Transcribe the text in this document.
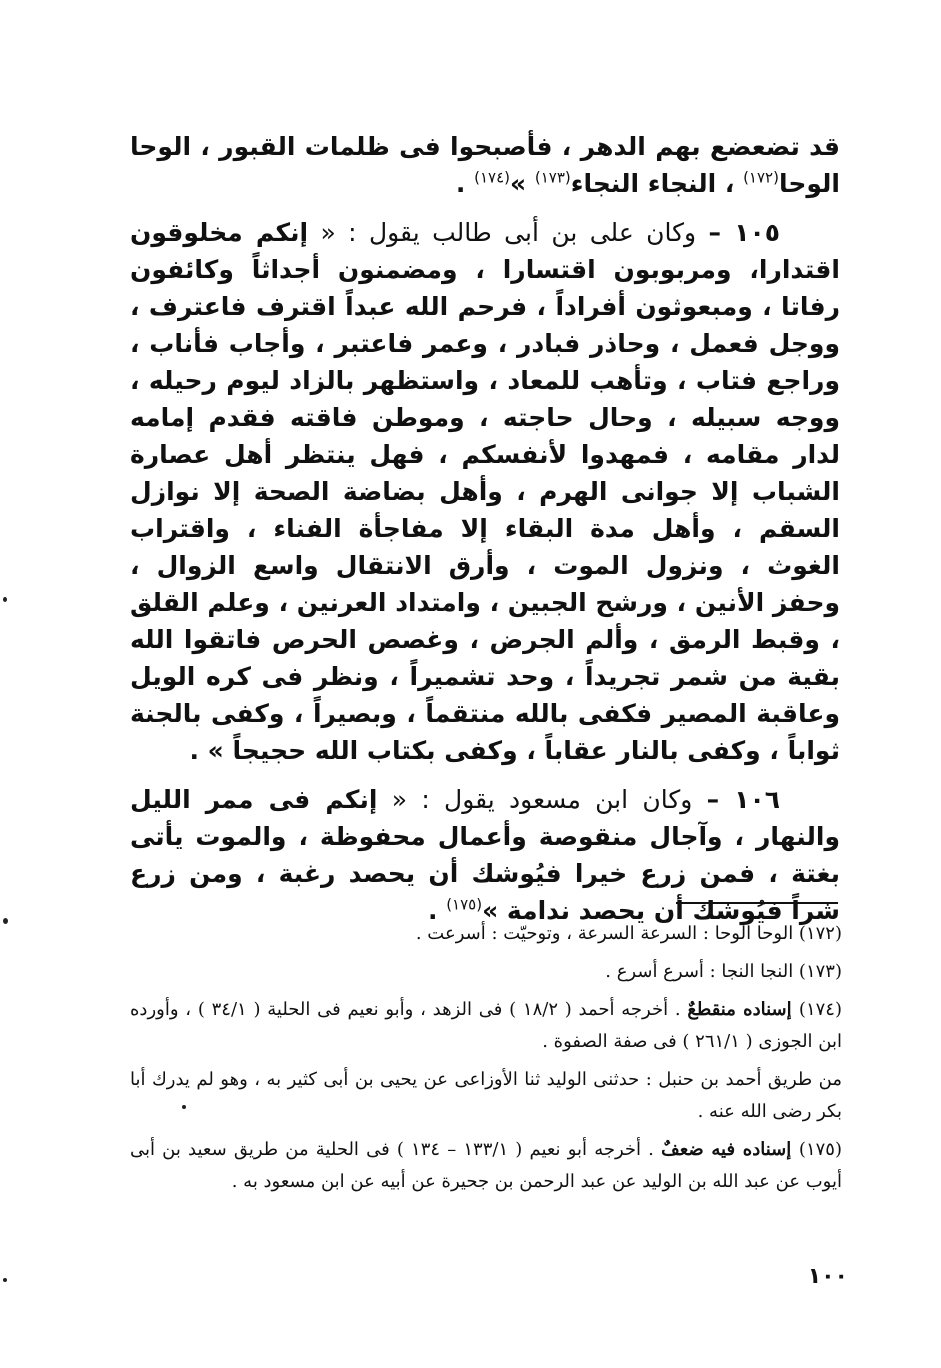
قد تضعضع بهم الدهر ، فأصبحوا فى ظلمات القبور ، الوحا الوحا$^{(١٧٢)}$ ، النجاء النجاء$^{(١٧٣)}$ »$^{(١٧٤)}$ .

١٠٥ – وكان على بن أبى طالب يقول : « إنكم مخلوقون اقتدارا، ومربوبون اقتسارا ، ومضمنون أجداثاً وكائفون رفاتا ، ومبعوثون أفراداً ، فرحم الله عبداً اقترف فاعترف ، ووجل فعمل ، وحاذر فبادر ، وعمر فاعتبر ، وأجاب فأناب ، وراجع فتاب ، وتأهب للمعاد ، واستظهر بالزاد ليوم رحيله ، ووجه سبيله ، وحال حاجته ، وموطن فاقته فقدم إمامه لدار مقامه ، فمهدوا لأنفسكم ، فهل ينتظر أهل عصارة الشباب إلا جوانى الهرم ، وأهل بضاضة الصحة إلا نوازل السقم ، وأهل مدة البقاء إلا مفاجأة الفناء ، واقتراب الغوث ، ونزول الموت ، وأرق الانتقال واسع الزوال ، وحفز الأنين ، ورشح الجبين ، وامتداد العرنين ، وعلم القلق ، وقبط الرمق ، وألم الجرض ، وغصص الحرص فاتقوا الله بقية من شمر تجريداً ، وحد تشميراً ، ونظر فى كره الويل وعاقبة المصير فكفى بالله منتقماً ، وبصيراً ، وكفى بالجنة ثواباً ، وكفى بالنار عقاباً ، وكفى بكتاب الله حجيجاً » .

١٠٦ – وكان ابن مسعود يقول : « إنكم فى ممر الليل والنهار ، وآجال منقوصة وأعمال محفوظة ، والموت يأتى بغتة ، فمن زرع خيرا فيُوشك أن يحصد رغبة ، ومن زرع شراً فيُوشك أن يحصد ندامة »$^{(١٧٥)}$ .

(١٧٢) الوحا الوحا : السرعة السرعة ، وتوحيّت : أسرعت .

(١٧٣) النجا النجا : أسرع أسرع .

(١٧٤) إسناده منقطعٌ . أخرجه أحمد ( ١٨/٢ ) فى الزهد ، وأبو نعيم فى الحلية ( ٣٤/١ ) ، وأورده ابن الجوزى ( ٢٦١/١ ) فى صفة الصفوة .

من طريق أحمد بن حنبل : حدثنى الوليد ثنا الأوزاعى عن يحيى بن أبى كثير به ، وهو لم يدرك أبا بكر رضى الله عنه .

(١٧٥) إسناده فيه ضعفٌ . أخرجه أبو نعيم ( ١٣٣/١ – ١٣٤ ) فى الحلية من طريق سعيد بن أبى أيوب عن عبد الله بن الوليد عن عبد الرحمن بن جحيرة عن أبيه عن ابن مسعود به .

١٠٠
